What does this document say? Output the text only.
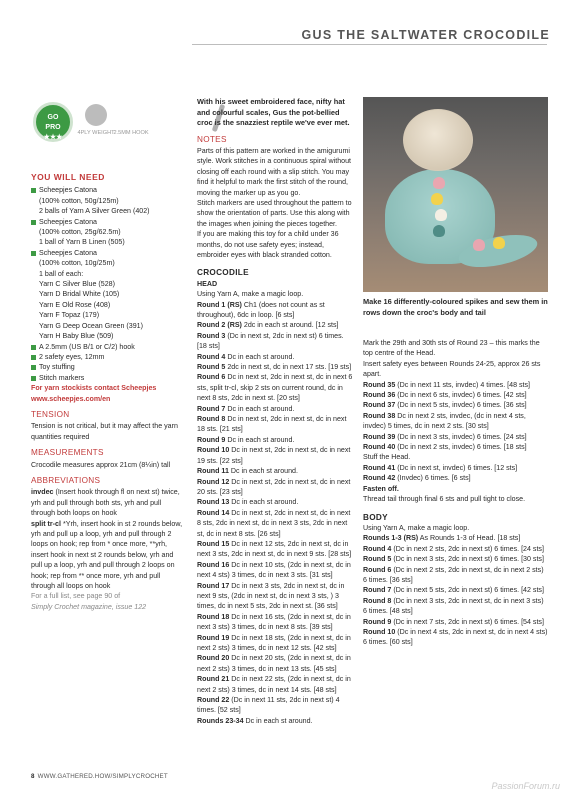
GUS THE SALTWATER CROCODILE
GO
PRO
★★★
4PLY WEIGHT
2.5MM HOOK
YOU WILL NEED
Scheepjes Catona
(100% cotton, 50g/125m)
2 balls of Yarn A Silver Green (402)
Scheepjes Catona
(100% cotton, 25g/62.5m)
1 ball of Yarn B Linen (505)
Scheepjes Catona
(100% cotton, 10g/25m)
1 ball of each:
Yarn C Silver Blue (528)
Yarn D Bridal White (105)
Yarn E Old Rose (408)
Yarn F Topaz (179)
Yarn G Deep Ocean Green (391)
Yarn H Baby Blue (509)
A 2.5mm (US B/1 or C/2) hook
2 safety eyes, 12mm
Toy stuffing
Stitch markers
For yarn stockists contact Scheepjes www.scheepjes.com/en
TENSION
Tension is not critical, but it may affect the yarn quantities required
MEASUREMENTS
Crocodile measures approx 21cm (8¼in) tall
ABBREVIATIONS
invdec (Insert hook through fl on next st) twice, yrh and pull through both sts, yrh and pull through both loops on hook
split tr-cl *Yrh, insert hook in st 2 rounds below, yrh and pull up a loop, yrh and pull through 2 loops on hook; rep from * once more, **yrh, insert hook in next st 2 rounds below, yrh and pull up a loop, yrh and pull through 2 loops on hook; rep from ** once more, yrh and pull through all loops on hook
For a full list, see page 90 of
Simply Crochet magazine, issue 122
With his sweet embroidered face, nifty hat and colourful scales, Gus the pot-bellied croc is the snazziest reptile we've ever met.
NOTES
Parts of this pattern are worked in the amigurumi style. Work stitches in a continuous spiral without closing off each round with a slip stitch. You may find it helpful to mark the first stitch of the round, moving the marker up as you go.
Stitch markers are used throughout the pattern to show the orientation of parts. Use this along with the images when joining the pieces together.
If you are making this toy for a child under 36 months, do not use safety eyes; instead, embroider eyes with black stranded cotton.
CROCODILE
HEAD
Using Yarn A, make a magic loop.
Round 1 (RS) Ch1 (does not count as st throughout), 6dc in loop. [6 sts]
Round 2 (RS) 2dc in each st around. [12 sts]
Round 3 (Dc in next st, 2dc in next st) 6 times. [18 sts]
Round 4 Dc in each st around.
Round 5 2dc in next st, dc in next 17 sts. [19 sts]
Round 6 Dc in next st, 2dc in next st, dc in next 6 sts, split tr-cl, skip 2 sts on current round, dc in next 8 sts, 2dc in next st. [20 sts]
Round 7 Dc in each st around.
Round 8 Dc in next st, 2dc in next st, dc in next 18 sts. [21 sts]
Round 9 Dc in each st around.
Round 10 Dc in next st, 2dc in next st, dc in next 19 sts. [22 sts]
Round 11 Dc in each st around.
Round 12 Dc in next st, 2dc in next st, dc in next 20 sts. [23 sts]
Round 13 Dc in each st around.
Round 14 Dc in next st, 2dc in next st, dc in next 8 sts, 2dc in next st, dc in next 3 sts, 2dc in next st, dc in next 8 sts. [26 sts]
Round 15 Dc in next 12 sts, 2dc in next st, dc in next 3 sts, 2dc in next st, dc in next 9 sts. [28 sts]
Round 16 Dc in next 10 sts, (2dc in next st, dc in next 4 sts) 3 times, dc in next 3 sts. [31 sts]
Round 17 Dc in next 3 sts, 2dc in next st, dc in next 9 sts, (2dc in next st, dc in next 3 sts, ) 3 times, dc in next 5 sts, 2dc in next st. [36 sts]
Round 18 Dc in next 16 sts, (2dc in next st, dc in next 3 sts) 3 times, dc in next 8 sts. [39 sts]
Round 19 Dc in next 18 sts, (2dc in next st, dc in next 2 sts) 3 times, dc in next 12 sts. [42 sts]
Round 20 Dc in next 20 sts, (2dc in next st, dc in next 2 sts) 3 times, dc in next 13 sts. [45 sts]
Round 21 Dc in next 22 sts, (2dc in next st, dc in next 2 sts) 3 times, dc in next 14 sts. [48 sts]
Round 22 (Dc in next 11 sts, 2dc in next st) 4 times. [52 sts]
Rounds 23-34 Dc in each st around.
Make 16 differently-coloured spikes and sew them in rows down the croc's body and tail
Mark the 29th and 30th sts of Round 23 – this marks the top centre of the Head.
Insert safety eyes between Rounds 24-25, approx 26 sts apart.
Round 35 (Dc in next 11 sts, invdec) 4 times. [48 sts]
Round 36 (Dc in next 6 sts, invdec) 6 times. [42 sts]
Round 37 (Dc in next 5 sts, invdec) 6 times. [36 sts]
Round 38 Dc in next 2 sts, invdec, (dc in next 4 sts, invdec) 5 times, dc in next 2 sts. [30 sts]
Round 39 (Dc in next 3 sts, invdec) 6 times. [24 sts]
Round 40 (Dc in next 2 sts, invdec) 6 times. [18 sts]
Stuff the Head.
Round 41 (Dc in next st, invdec) 6 times. [12 sts]
Round 42 (Invdec) 6 times. [6 sts]
Fasten off.
Thread tail through final 6 sts and pull tight to close.
BODY
Using Yarn A, make a magic loop.
Rounds 1-3 (RS) As Rounds 1-3 of Head. [18 sts]
Round 4 (Dc in next 2 sts, 2dc in next st) 6 times. [24 sts]
Round 5 (Dc in next 3 sts, 2dc in next st) 6 times. [30 sts]
Round 6 (Dc in next 2 sts, 2dc in next st, dc in next 2 sts) 6 times. [36 sts]
Round 7 (Dc in next 5 sts, 2dc in next st) 6 times. [42 sts]
Round 8 (Dc in next 3 sts, 2dc in next st, dc in next 3 sts) 6 times. [48 sts]
Round 9 (Dc in next 7 sts, 2dc in next st) 6 times. [54 sts]
Round 10 (Dc in next 4 sts, 2dc in next st, dc in next 4 sts) 6 times. [60 sts]
8 WWW.GATHERED.HOW/SIMPLYCROCHET
PassionForum.ru
